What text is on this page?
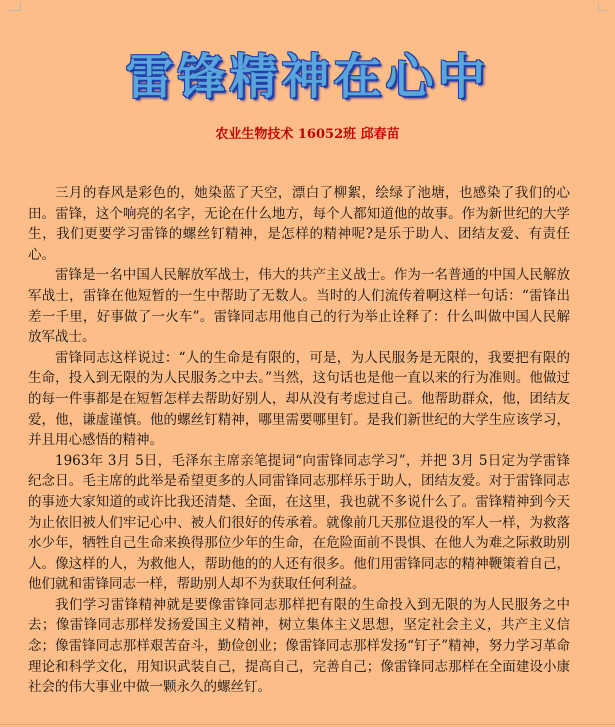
雷锋精神在心中
农业生物技术 16052班 邱春苗

三月的春风是彩色的，她染蓝了天空，漂白了柳絮，绘绿了池塘，也感染了我们的心田。雷锋，这个响亮的名字，无论在什么地方，每个人都知道他的故事。作为新世纪的大学生，我们更要学习雷锋的螺丝钉精神，是怎样的精神呢?是乐于助人、团结友爱、有责任心。

雷锋是一名中国人民解放军战士，伟大的共产主义战士。作为一名普通的中国人民解放军战士，雷锋在他短暂的一生中帮助了无数人。当时的人们流传着啊这样一句话：“雷锋出差一千里，好事做了一火车”。雷锋同志用他自己的行为举止诠释了：什么叫做中国人民解放军战士。

雷锋同志这样说过：“人的生命是有限的，可是，为人民服务是无限的，我要把有限的生命，投入到无限的为人民服务之中去。”当然，这句话也是他一直以来的行为准则。他做过的每一件事都是在短暂怎样去帮助好别人，却从没有考虑过自己。他帮助群众，他，团结友爱，他，谦虚谨慎。他的螺丝钉精神，哪里需要哪里钉。是我们新世纪的大学生应该学习，并且用心感悟的精神。

1963年 3月 5日，毛泽东主席亲笔提词“向雷锋同志学习”，并把 3月 5日定为学雷锋纪念日。毛主席的此举是希望更多的人同雷锋同志那样乐于助人，团结友爱。对于雷锋同志的事迹大家知道的或许比我还清楚、全面，在这里，我也就不多说什么了。雷锋精神到今天为止依旧被人们牢记心中、被人们很好的传承着。就像前几天那位退役的军人一样，为救落水少年，牺牲自己生命来换得那位少年的生命，在危险面前不畏惧、在他人为难之际救助别人。像这样的人，为救他人，帮助他的的人还有很多。他们用雷锋同志的精神鞭策着自己，他们就和雷锋同志一样，帮助别人却不为获取任何利益。

我们学习雷锋精神就是要像雷锋同志那样把有限的生命投入到无限的为人民服务之中去；像雷锋同志那样发扬爱国主义精神，树立集体主义思想，坚定社会主义，共产主义信念；像雷锋同志那样艰苦奋斗，勤俭创业；像雷锋同志那样发扬“钉子”精神，努力学习革命理论和科学文化，用知识武装自己，提高自己，完善自己；像雷锋同志那样在全面建设小康社会的伟大事业中做一颗永久的螺丝钉。
